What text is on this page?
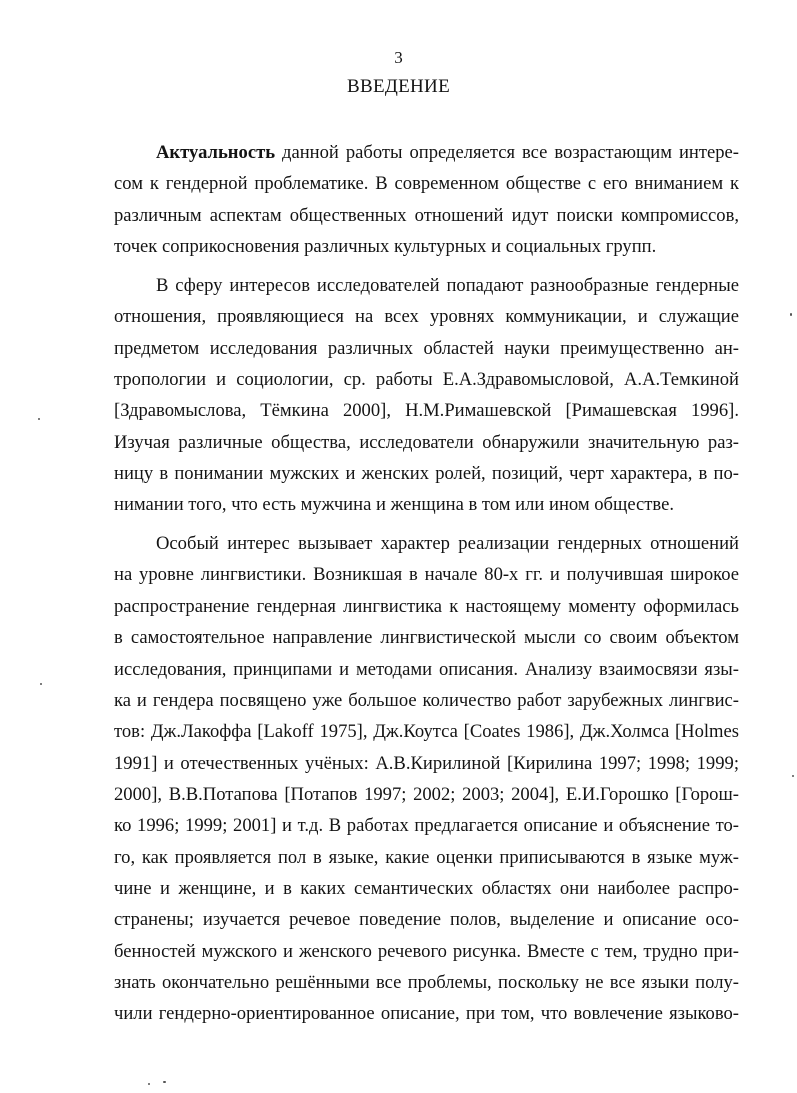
3
ВВЕДЕНИЕ
Актуальность данной работы определяется все возрастающим интере-
сом к гендерной проблематике. В современном обществе с его вниманием к
различным аспектам общественных отношений идут поиски компромиссов,
точек соприкосновения различных культурных и социальных групп.
В сферу интересов исследователей попадают разнообразные гендерные
отношения, проявляющиеся на всех уровнях коммуникации, и служащие
предметом исследования различных областей науки преимущественно ан-
тропологии и социологии, ср. работы Е.А.Здравомысловой, А.А.Темкиной
[Здравомыслова, Тёмкина 2000], Н.М.Римашевской [Римашевская 1996].
Изучая различные общества, исследователи обнаружили значительную раз-
ницу в понимании мужских и женских ролей, позиций, черт характера, в по-
нимании того, что есть мужчина и женщина в том или ином обществе.
Особый интерес вызывает характер реализации гендерных отношений
на уровне лингвистики. Возникшая в начале 80-х гг. и получившая широкое
распространение гендерная лингвистика к настоящему моменту оформилась
в самостоятельное направление лингвистической мысли со своим объектом
исследования, принципами и методами описания. Анализу взаимосвязи язы-
ка и гендера посвящено уже большое количество работ зарубежных лингвис-
тов: Дж.Лакоффа [Lakoff 1975], Дж.Коутса [Coates 1986], Дж.Холмса [Holmes
1991] и отечественных учёных: А.В.Кирилиной [Кирилина 1997; 1998; 1999;
2000], В.В.Потапова [Потапов 1997; 2002; 2003; 2004], Е.И.Горошко [Горош-
ко 1996; 1999; 2001] и т.д. В работах предлагается описание и объяснение то-
го, как проявляется пол в языке, какие оценки приписываются в языке муж-
чине и женщине, и в каких семантических областях они наиболее распро-
странены; изучается речевое поведение полов, выделение и описание осо-
бенностей мужского и женского речевого рисунка. Вместе с тем, трудно при-
знать окончательно решёнными все проблемы, поскольку не все языки полу-
чили гендерно-ориентированное описание, при том, что вовлечение языково-
